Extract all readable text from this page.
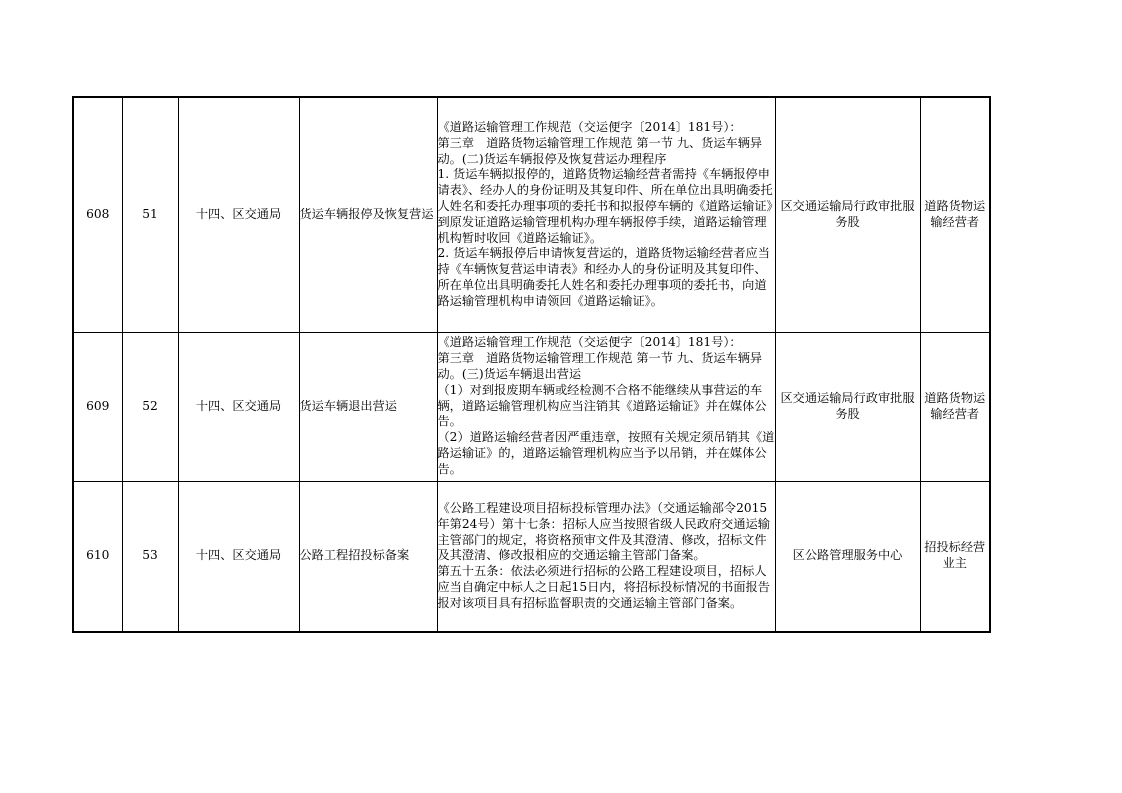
608	51	十四、区交通局	货运车辆报停及恢复营运	《道路运输管理工作规范（交运便字〔2014〕181号）：
第三章　道路货物运输管理工作规范 第一节 九、货运车辆异动。(二)货运车辆报停及恢复营运办理程序
1. 货运车辆拟报停的，道路货物运输经营者需持《车辆报停申请表》、经办人的身份证明及其复印件、所在单位出具明确委托人姓名和委托办理事项的委托书和拟报停车辆的《道路运输证》到原发证道路运输管理机构办理车辆报停手续，道路运输管理机构暂时收回《道路运输证》。
2. 货运车辆报停后申请恢复营运的，道路货物运输经营者应当持《车辆恢复营运申请表》和经办人的身份证明及其复印件、所在单位出具明确委托人姓名和委托办理事项的委托书，向道路运输管理机构申请领回《道路运输证》。	区交通运输局行政审批服务股	道路货物运输经营者
609	52	十四、区交通局	货运车辆退出营运	《道路运输管理工作规范（交运便字〔2014〕181号）：
第三章　道路货物运输管理工作规范 第一节 九、货运车辆异动。(三)货运车辆退出营运
（1）对到报废期车辆或经检测不合格不能继续从事营运的车辆，道路运输管理机构应当注销其《道路运输证》并在媒体公告。
（2）道路运输经营者因严重违章，按照有关规定须吊销其《道路运输证》的，道路运输管理机构应当予以吊销，并在媒体公告。	区交通运输局行政审批服务股	道路货物运输经营者
610	53	十四、区交通局	公路工程招投标备案	《公路工程建设项目招标投标管理办法》（交通运输部令2015年第24号）第十七条：招标人应当按照省级人民政府交通运输主管部门的规定，将资格预审文件及其澄清、修改，招标文件及其澄清、修改报相应的交通运输主管部门备案。
第五十五条：依法必须进行招标的公路工程建设项目，招标人应当自确定中标人之日起15日内，将招标投标情况的书面报告报对该项目具有招标监督职责的交通运输主管部门备案。	区公路管理服务中心	招投标经营业主
